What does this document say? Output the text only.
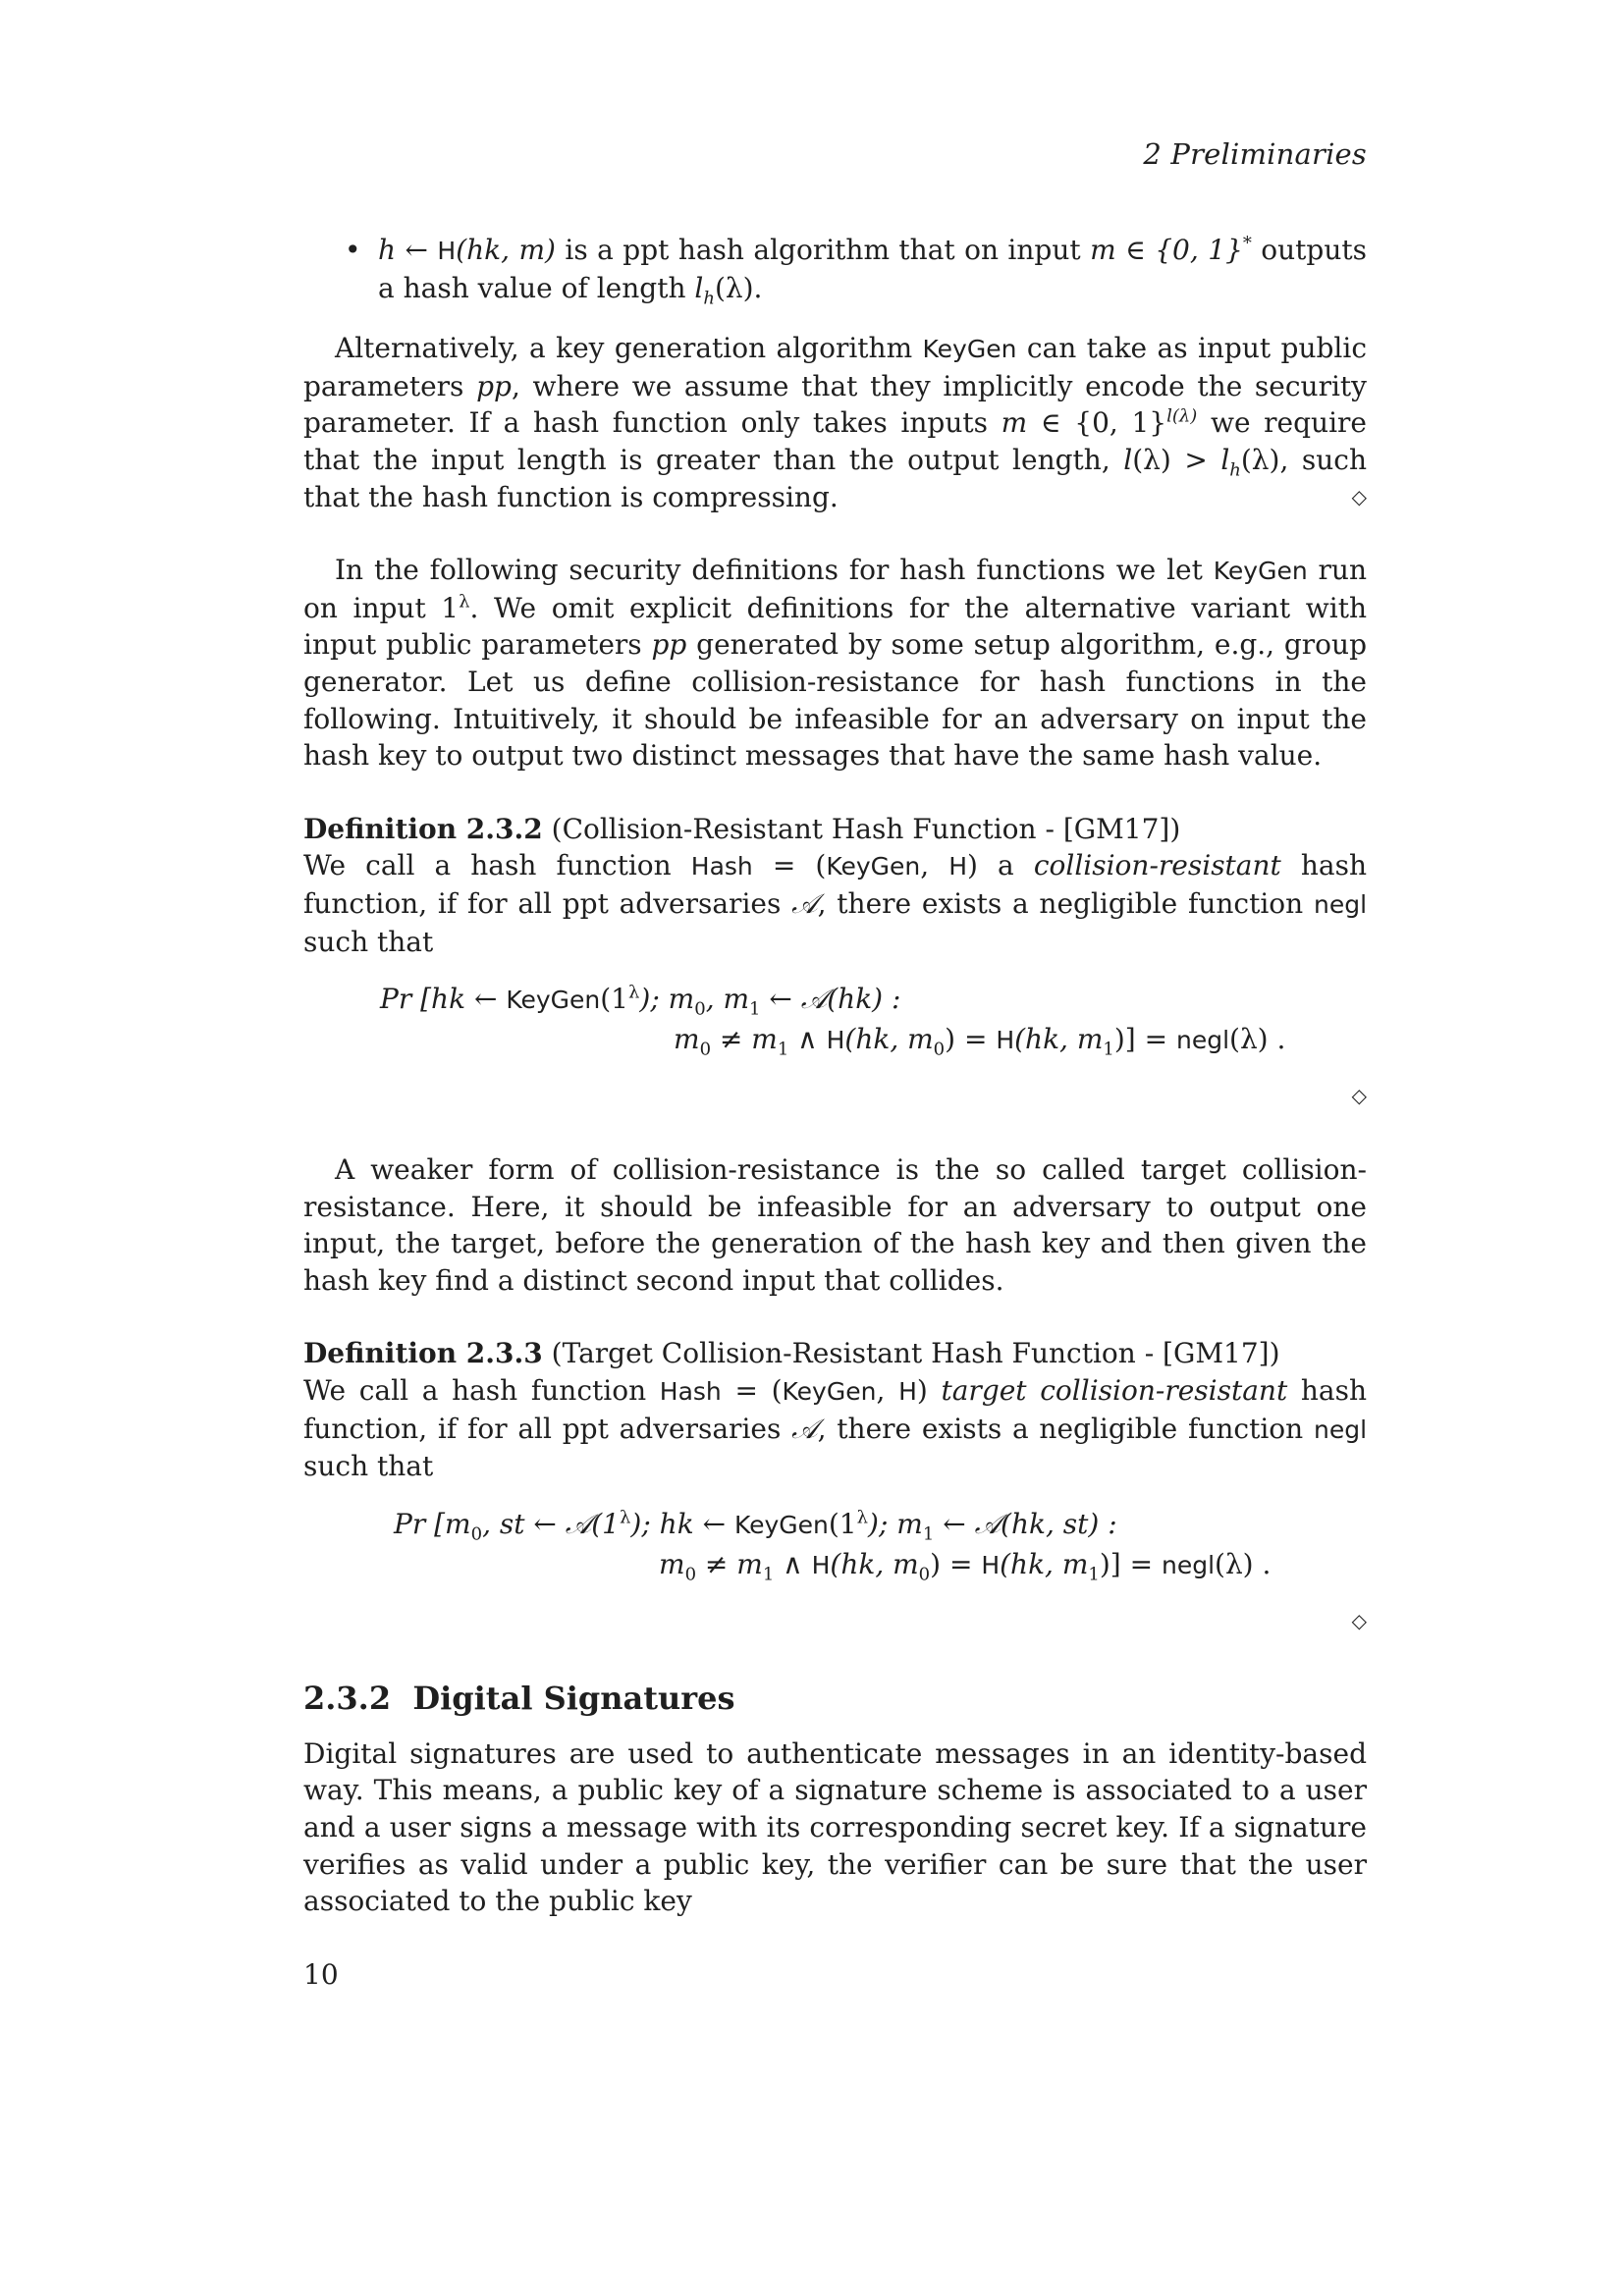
2 Preliminaries
• h ← H(hk, m) is a ppt hash algorithm that on input m ∈ {0, 1}* outputs a hash value of length $l_h(\lambda)$.

Alternatively, a key generation algorithm KeyGen can take as input public parameters pp, where we assume that they implicitly encode the security parameter. If a hash function only takes inputs m ∈ {0, 1}$^{l(\lambda)}$ we require that the input length is greater than the output length, $l(\lambda) > l_h(\lambda)$, such that the hash function is compressing.	◇

In the following security definitions for hash functions we let KeyGen run on input $1^\lambda$. We omit explicit definitions for the alternative variant with input public parameters pp generated by some setup algorithm, e.g., group generator. Let us define collision-resistance for hash functions in the following. Intuitively, it should be infeasible for an adversary on input the hash key to output two distinct messages that have the same hash value.

Definition 2.3.2 (Collision-Resistant Hash Function - [GM17])
We call a hash function Hash = (KeyGen, H) a collision-resistant hash function, if for all ppt adversaries 𝒜, there exists a negligible function negl such that
Pr [hk ← $KeyGen(1^\lambda)$; $m_0$, $m_1$ ← 𝒜(hk) :
$m_0 \ne m_1$ ∧ H(hk, $m_0) = H(hk$, $m_1$)] = negl(λ) .
◇

A weaker form of collision-resistance is the so called target collision-resistance. Here, it should be infeasible for an adversary to output one input, the target, before the generation of the hash key and then given the hash key find a distinct second input that collides.

Definition 2.3.3 (Target Collision-Resistant Hash Function - [GM17])
We call a hash function Hash = (KeyGen, H) target collision-resistant hash function, if for all ppt adversaries 𝒜, there exists a negligible function negl such that
Pr [$m_0$, st ← $𝒜(1^\lambda)$; hk ← $KeyGen(1^\lambda)$; $m_1$ ← 𝒜(hk, st) :
$m_0 \ne m_1$ ∧ H(hk, $m_0) = H(hk$, $m_1$)] = negl(λ) .
◇
2.3.2 Digital Signatures

Digital signatures are used to authenticate messages in an identity-based way. This means, a public key of a signature scheme is associated to a user and a user signs a message with its corresponding secret key. If a signature verifies as valid under a public key, the verifier can be sure that the user associated to the public key

10
